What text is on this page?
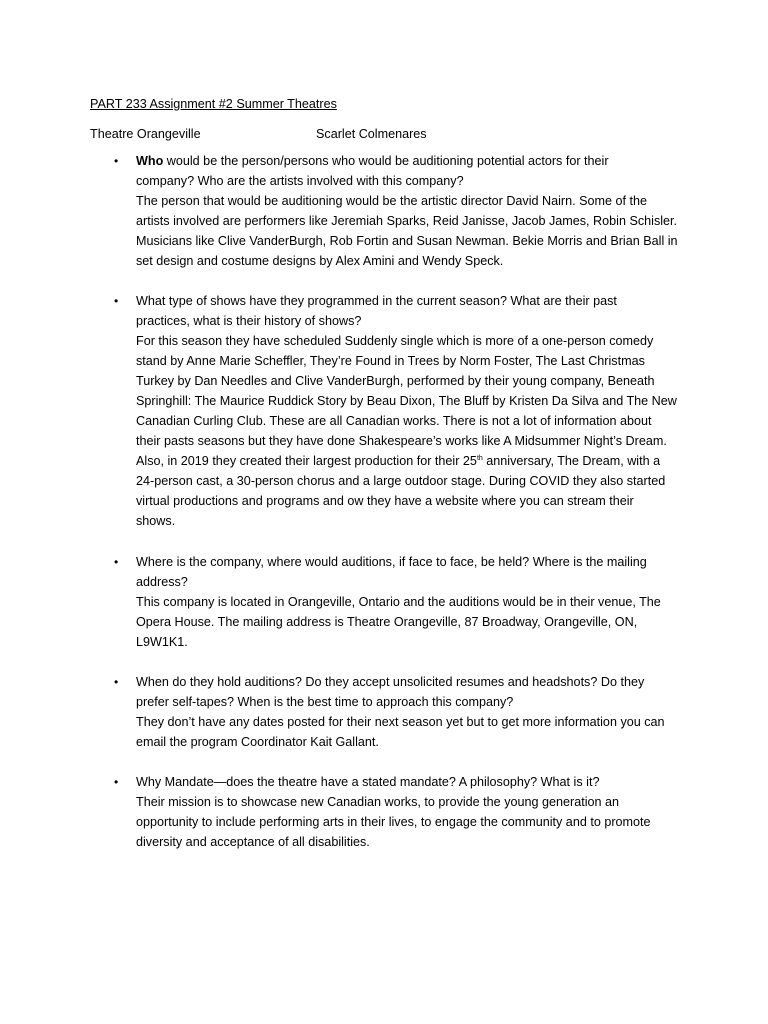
PART 233 Assignment #2 Summer Theatres
Theatre Orangeville	Scarlet Colmenares
• Who would be the person/persons who would be auditioning potential actors for their
company? Who are the artists involved with this company?

The person that would be auditioning would be the artistic director David Nairn. Some of the
artists involved are performers like Jeremiah Sparks, Reid Janisse, Jacob James, Robin Schisler.
Musicians like Clive VanderBurgh, Rob Fortin and Susan Newman. Bekie Morris and Brian Ball in
set design and costume designs by Alex Amini and Wendy Speck.

• What type of shows have they programmed in the current season? What are their past
practices, what is their history of shows?

For this season they have scheduled Suddenly single which is more of a one-person comedy
stand by Anne Marie Scheffler, They’re Found in Trees by Norm Foster, The Last Christmas
Turkey by Dan Needles and Clive VanderBurgh, performed by their young company, Beneath
Springhill: The Maurice Ruddick Story by Beau Dixon, The Bluff by Kristen Da Silva and The New
Canadian Curling Club. These are all Canadian works. There is not a lot of information about
their pasts seasons but they have done Shakespeare’s works like A Midsummer Night’s Dream.
Also, in 2019 they created their largest production for their 25th anniversary, The Dream, with a
24-person cast, a 30-person chorus and a large outdoor stage. During COVID they also started
virtual productions and programs and ow they have a website where you can stream their
shows.

• Where is the company, where would auditions, if face to face, be held? Where is the mailing
address?

This company is located in Orangeville, Ontario and the auditions would be in their venue, The
Opera House. The mailing address is Theatre Orangeville, 87 Broadway, Orangeville, ON,
L9W1K1.

• When do they hold auditions? Do they accept unsolicited resumes and headshots? Do they
prefer self-tapes? When is the best time to approach this company?

They don’t have any dates posted for their next season yet but to get more information you can
email the program Coordinator Kait Gallant.

• Why Mandate—does the theatre have a stated mandate? A philosophy? What is it?

Their mission is to showcase new Canadian works, to provide the young generation an
opportunity to include performing arts in their lives, to engage the community and to promote
diversity and acceptance of all disabilities.
